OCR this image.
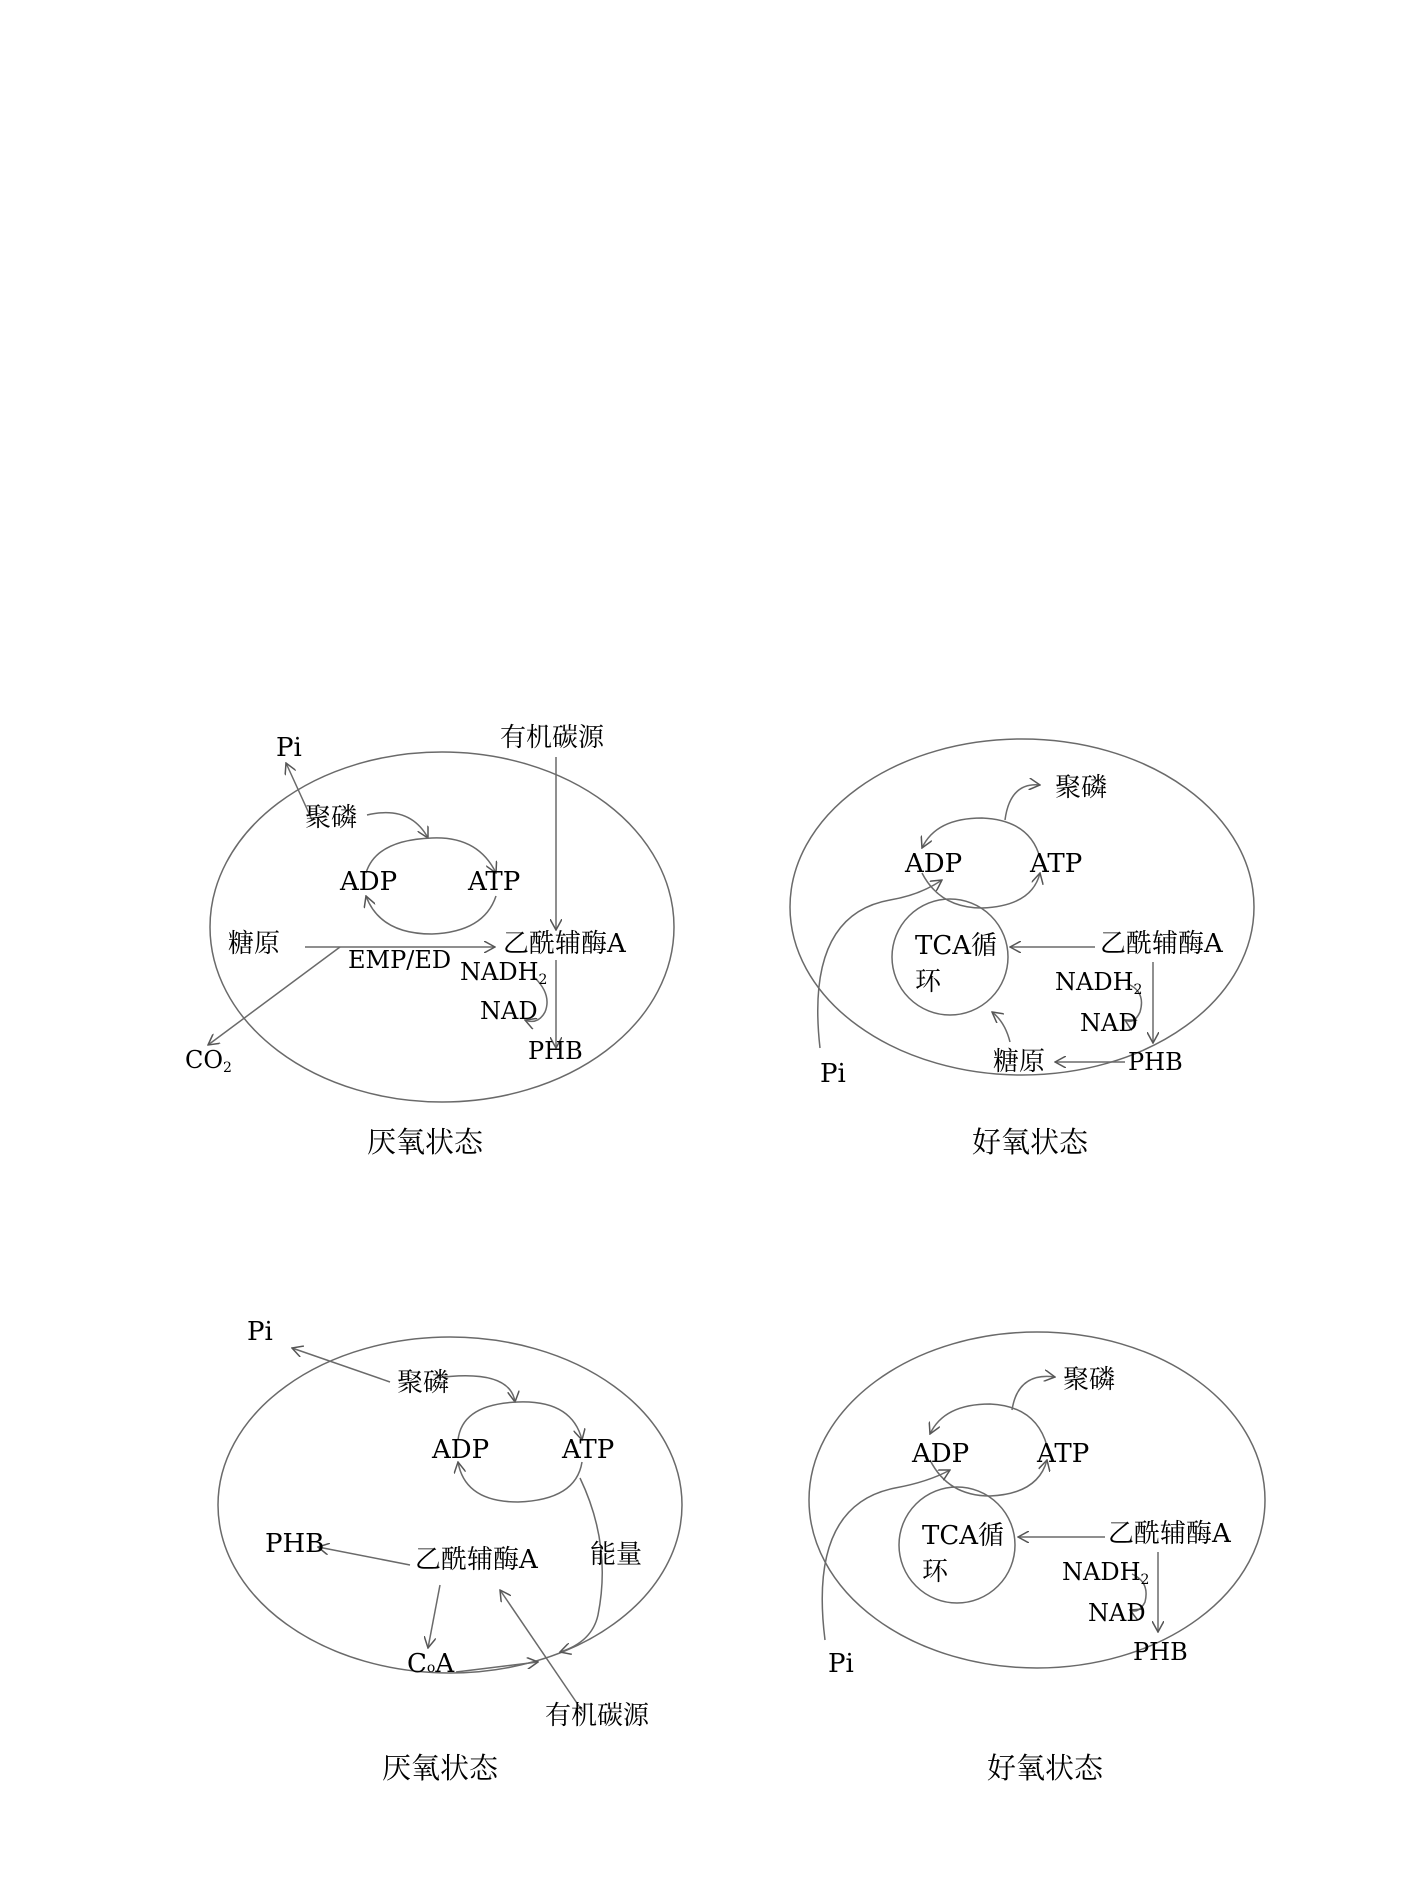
Pi
聚磷
有机碳源
ADP	ATP
糖原	乙酰辅酶A
EMP/ED NADH2
NAD
PHB
CO2
厌氧状态
聚磷
ADP	ATP
TCA循
环
乙酰辅酶A
NADH2
NAD
糖原	PHB
Pi
好氧状态
Pi
聚磷
ADP	ATP
PHB
乙酰辅酶A 能量
CoA
有机碳源
厌氧状态
聚磷
ADP	ATP
TCA循
环
乙酰辅酶A
NADH2
NAD
PHB
Pi
好氧状态
